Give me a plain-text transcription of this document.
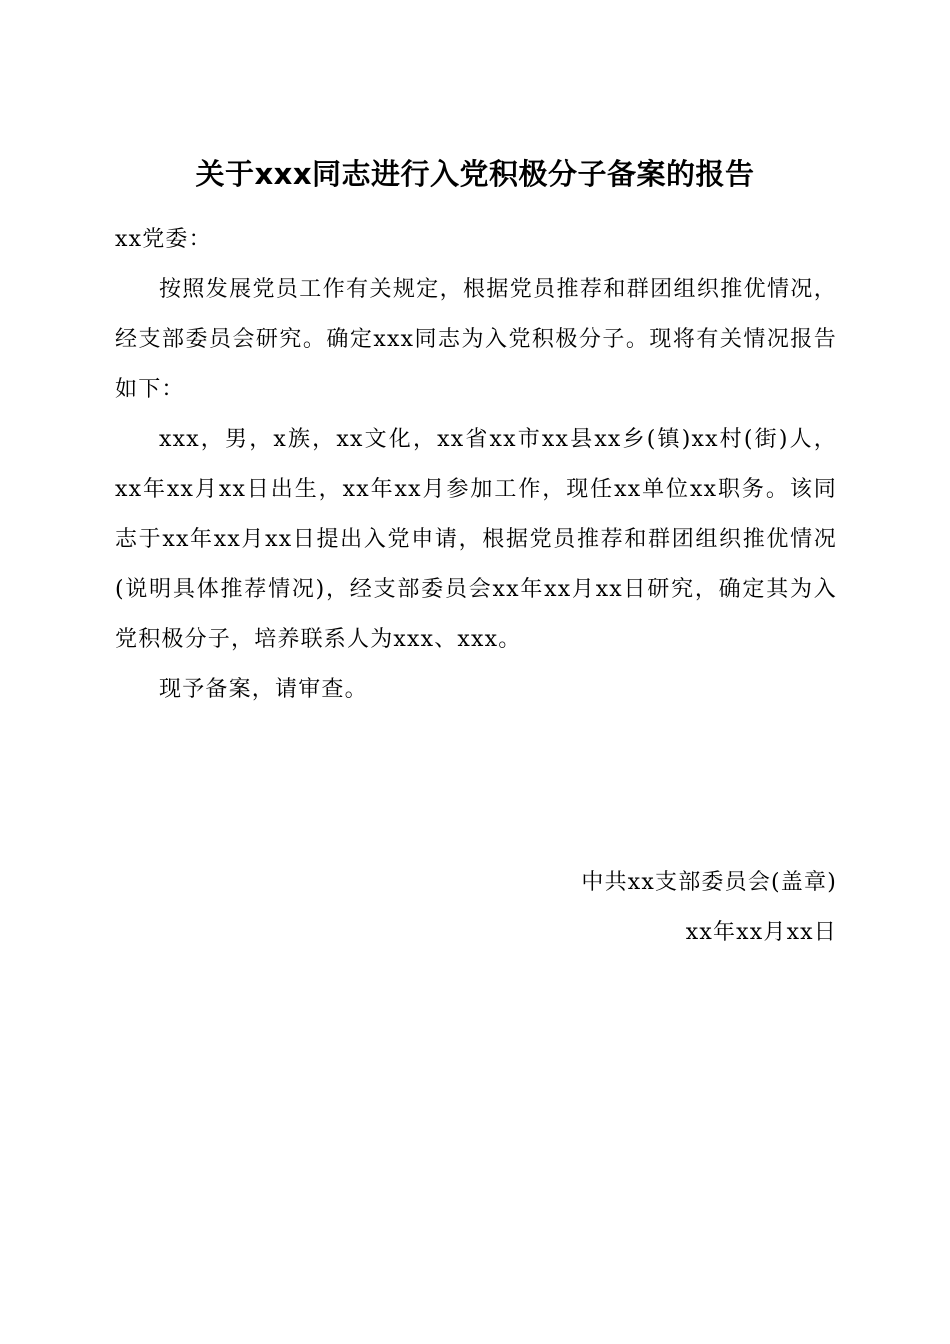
关于xxx同志进行入党积极分子备案的报告
xx党委：

按照发展党员工作有关规定，根据党员推荐和群团组织推优情况，经支部委员会研究。确定xxx同志为入党积极分子。现将有关情况报告如下：

xxx，男，x族，xx文化，xx省xx市xx县xx乡(镇)xx村(街)人，xx年xx月xx日出生，xx年xx月参加工作，现任xx单位xx职务。该同志于xx年xx月xx日提出入党申请，根据党员推荐和群团组织推优情况(说明具体推荐情况)，经支部委员会xx年xx月xx日研究，确定其为入党积极分子，培养联系人为xxx、xxx。

现予备案，请审查。

中共xx支部委员会(盖章)
xx年xx月xx日
